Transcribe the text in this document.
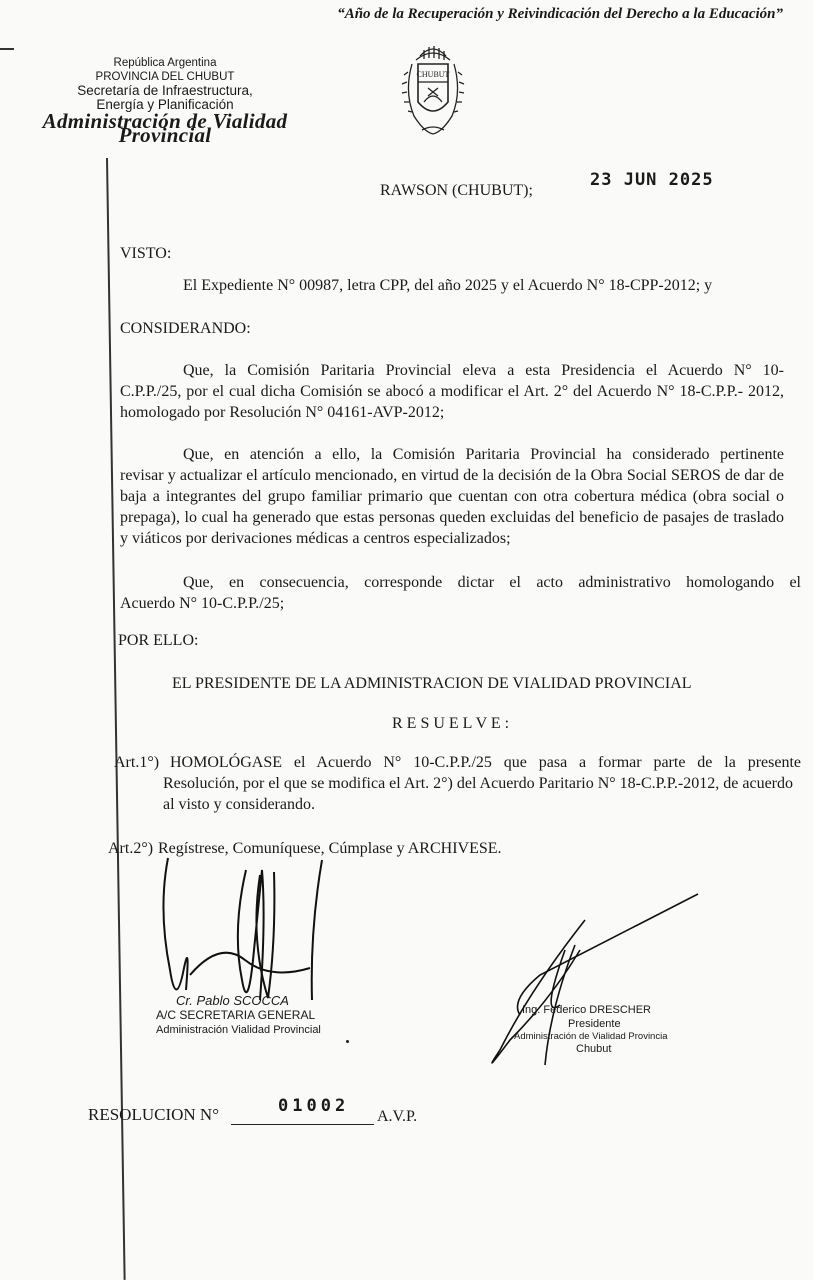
“Año de la Recuperación y Reivindicación del Derecho a la Educación”
República Argentina
PROVINCIA DEL CHUBUT
Secretaría de Infraestructura,
Energía y Planificación
Administración de Vialidad Provincial
CHUBUT
RAWSON (CHUBUT);
23 JUN 2025
VISTO:
El Expediente N° 00987, letra CPP, del año 2025 y el Acuerdo N° 18-CPP-2012; y
CONSIDERANDO:
Que, la Comisión Paritaria Provincial eleva a esta Presidencia el Acuerdo N° 10-
C.P.P./25, por el cual dicha Comisión se abocó a modificar el Art. 2° del Acuerdo N° 18-C.P.P.- 2012, homologado por Resolución N° 04161-AVP-2012;
Que, en atención a ello, la Comisión Paritaria Provincial ha considerado pertinente
revisar y actualizar el artículo mencionado, en virtud de la decisión de la Obra Social SEROS de dar de baja a integrantes del grupo familiar primario que cuentan con otra cobertura médica (obra social o prepaga), lo cual ha generado que estas personas queden excluidas del beneficio de pasajes de traslado y viáticos por derivaciones médicas a centros especializados;
Que, en consecuencia, corresponde dictar el acto administrativo homologando el
Acuerdo N° 10-C.P.P./25;
POR ELLO:
EL PRESIDENTE DE LA ADMINISTRACION DE VIALIDAD PROVINCIAL
R E S U E L V E :
Art.1°) HOMOLÓGASE el Acuerdo N° 10-C.P.P./25 que pasa a formar parte de la presente
Resolución, por el que se modifica el Art. 2°) del Acuerdo Paritario N° 18-C.P.P.-2012, de acuerdo al visto y considerando.
Art.2°) Regístrese, Comuníquese, Cúmplase y ARCHIVESE.
Cr. Pablo SCOCCA
A/C SECRETARIA GENERAL
Administración Vialidad Provincial
Ing. Federico DRESCHER
Presidente
Administración de Vialidad Provincia
Chubut
RESOLUCION N°	01002
A.V.P.
